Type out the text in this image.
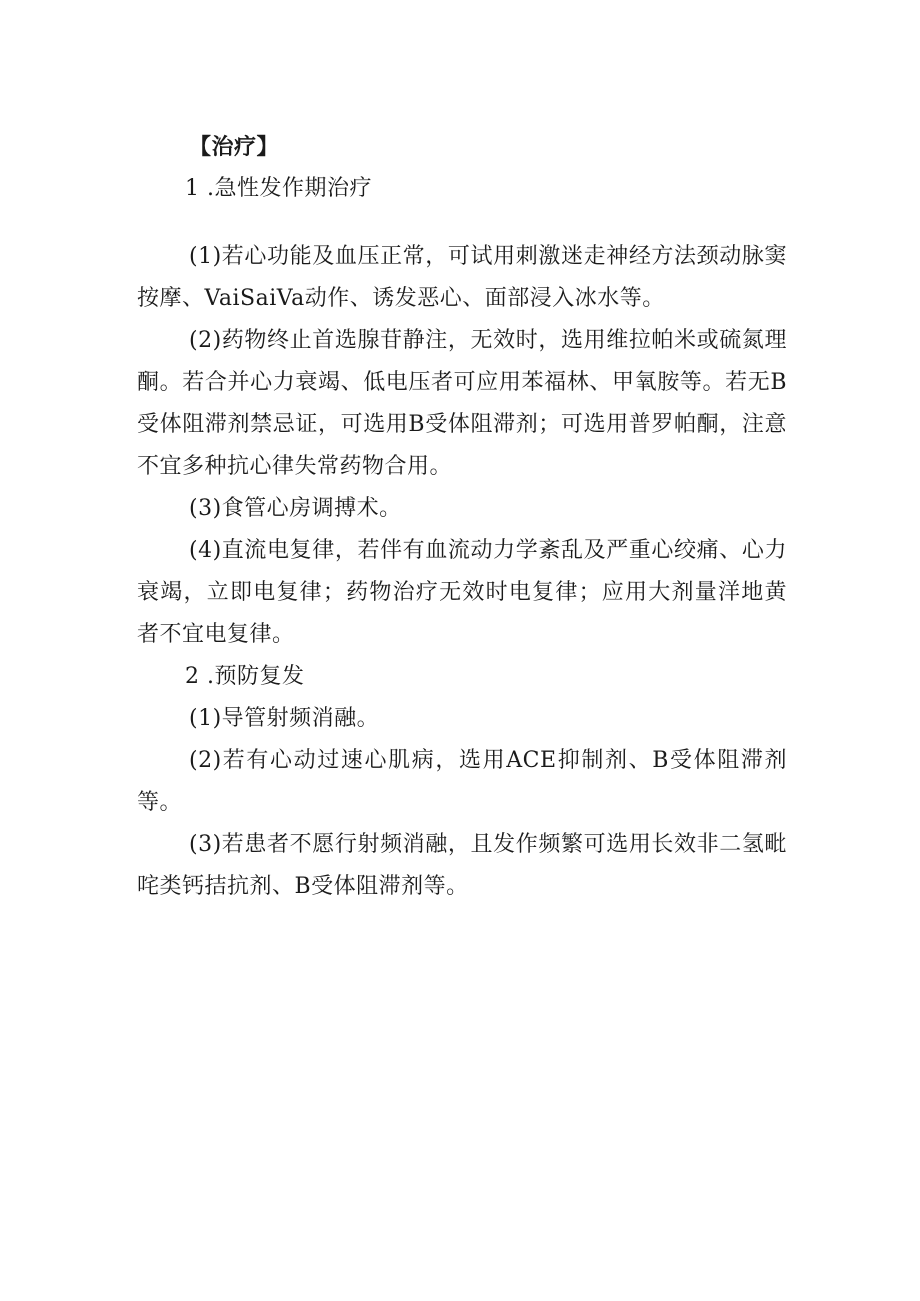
【治疗】
1 .急性发作期治疗

(1)若心功能及血压正常，可试用刺激迷走神经方法颈动脉窦按摩、VaiSaiVa动作、诱发恶心、面部浸入冰水等。

(2)药物终止首选腺苷静注，无效时，选用维拉帕米或硫氮理酮。若合并心力衰竭、低电压者可应用苯福林、甲氧胺等。若无B受体阻滞剂禁忌证，可选用B受体阻滞剂；可选用普罗帕酮，注意不宜多种抗心律失常药物合用。

(3)食管心房调搏术。

(4)直流电复律，若伴有血流动力学紊乱及严重心绞痛、心力衰竭，立即电复律；药物治疗无效时电复律；应用大剂量洋地黄者不宜电复律。

2 .预防复发

(1)导管射频消融。

(2)若有心动过速心肌病，选用ACE抑制剂、B受体阻滞剂等。

(3)若患者不愿行射频消融，且发作频繁可选用长效非二氢毗咤类钙拮抗剂、B受体阻滞剂等。
